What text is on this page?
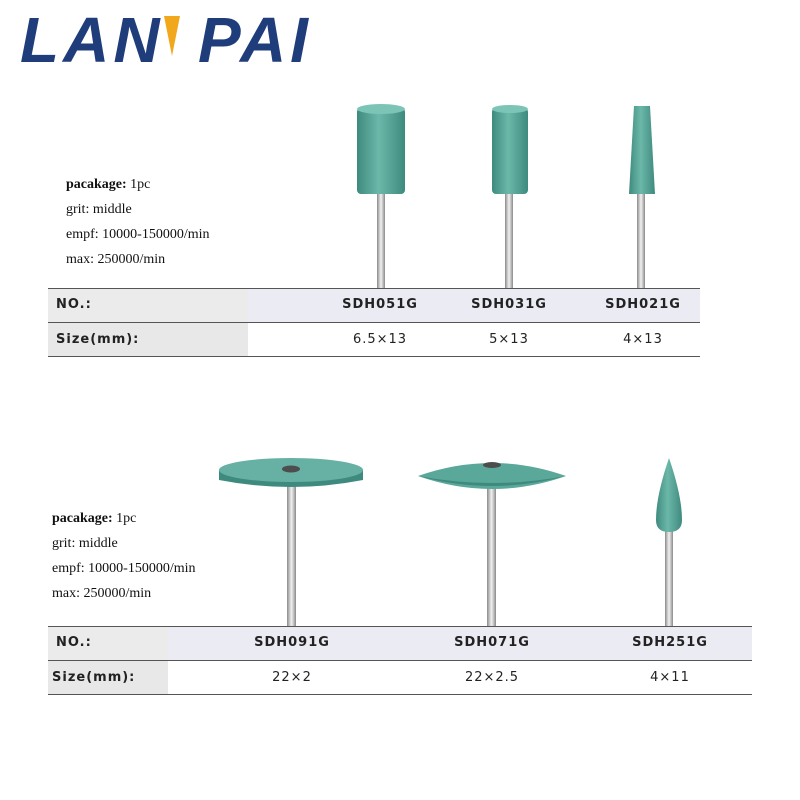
LAN PAI
pacakage: 1pc
grit: middle
empf: 10000-150000/min
max: 250000/min
NO.:	SDH051G	SDH031G	SDH021G
Size(mm):	6.5×13	5×13	4×13
pacakage: 1pc
grit: middle
empf: 10000-150000/min
max: 250000/min
NO.:	SDH091G	SDH071G	SDH251G
Size(mm):	22×2	22×2.5	4×11
